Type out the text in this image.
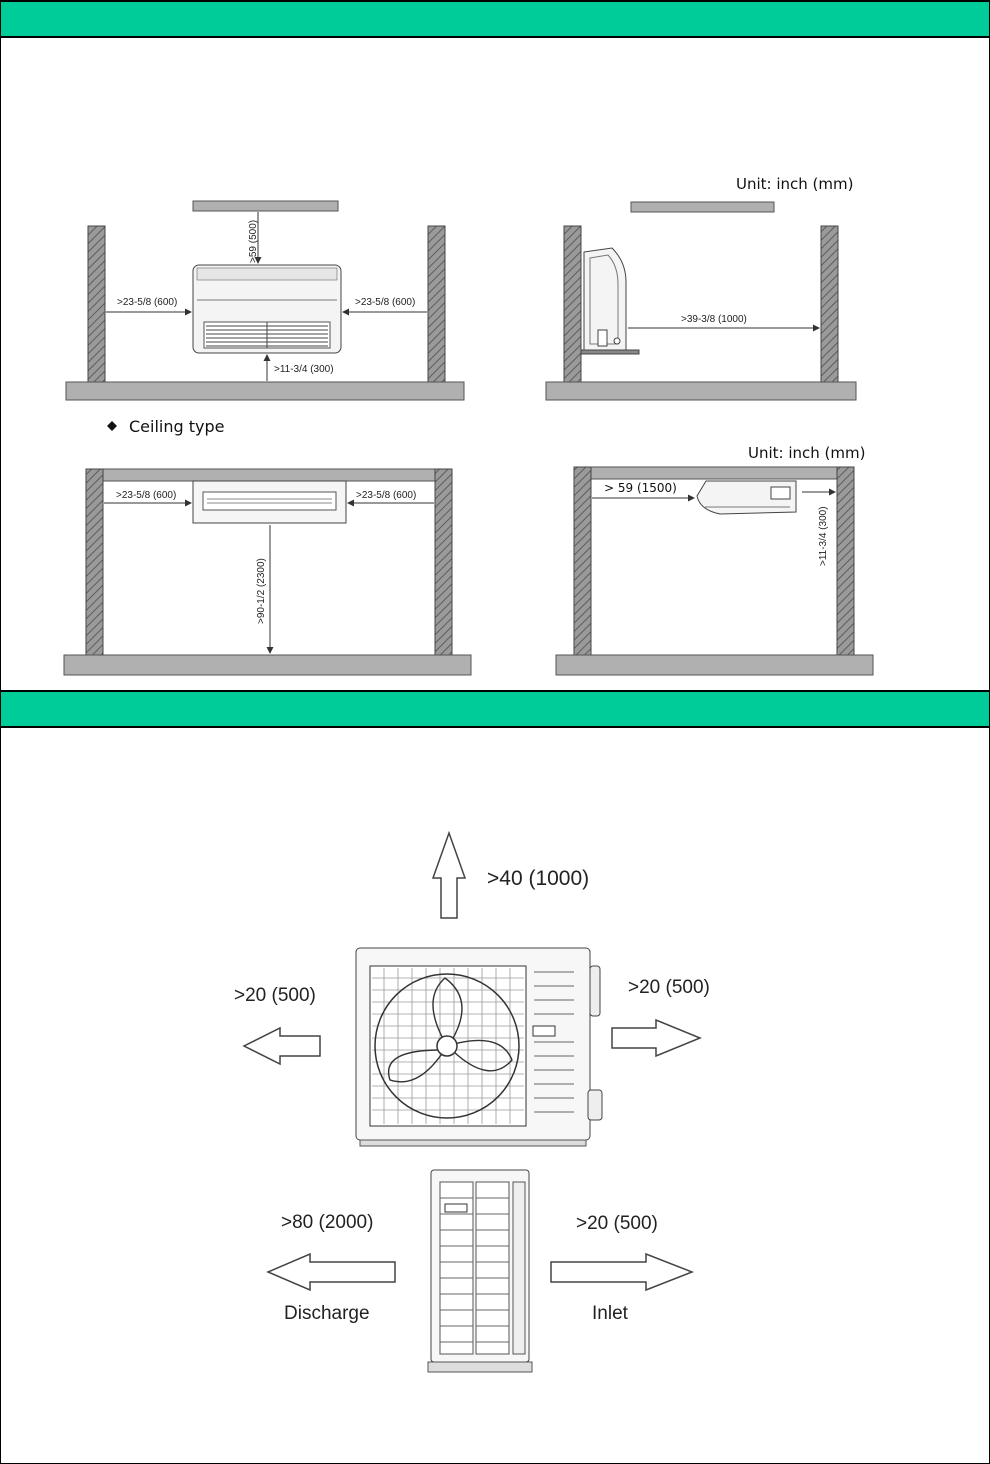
>59 (500)
>23-5/8 (600)	>23-5/8 (600)
>11-3/4 (300)
Unit: inch (mm)
>39-3/8 (1000)
Ceiling type
>23-5/8 (600)	>23-5/8 (600)
>90-1/2 (2300)
Unit: inch (mm)
> 59 (1500)
>11-3/4 (300)
>40 (1000)
>20 (500)	>20 (500)
>80 (2000)
Discharge
>20 (500)
Inlet
